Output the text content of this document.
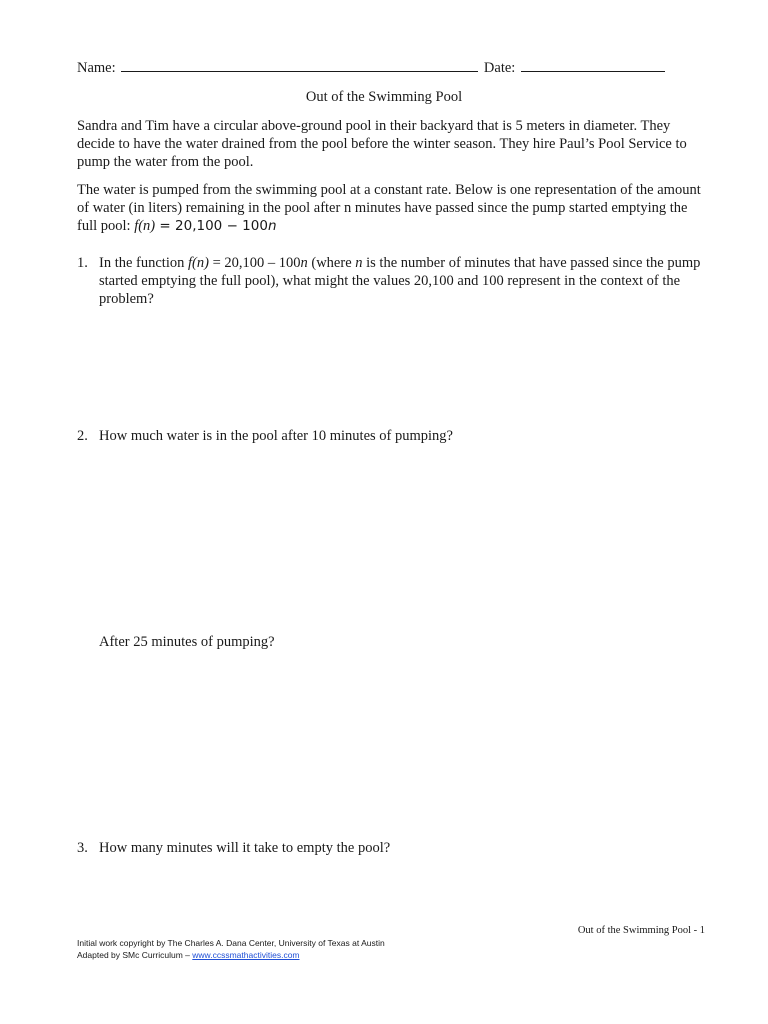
Name:	Date:
Out of the Swimming Pool
Sandra and Tim have a circular above-ground pool in their backyard that is 5 meters in diameter. They decide to have the water drained from the pool before the winter season. They hire Paul’s Pool Service to pump the water from the pool.
The water is pumped from the swimming pool at a constant rate. Below is one representation of the amount of water (in liters) remaining in the pool after n minutes have passed since the pump started emptying the full pool: f(n) = 20,100 − 100n
1. In the function f(n) = 20,100 – 100n (where n is the number of minutes that have passed since the pump started emptying the full pool), what might the values 20,100 and 100 represent in the context of the problem?
2. How much water is in the pool after 10 minutes of pumping?
After 25 minutes of pumping?
3. How many minutes will it take to empty the pool?
Out of the Swimming Pool - 1
Initial work copyright by The Charles A. Dana Center, University of Texas at Austin
Adapted by SMc Curriculum – www.ccssmathactivities.com
